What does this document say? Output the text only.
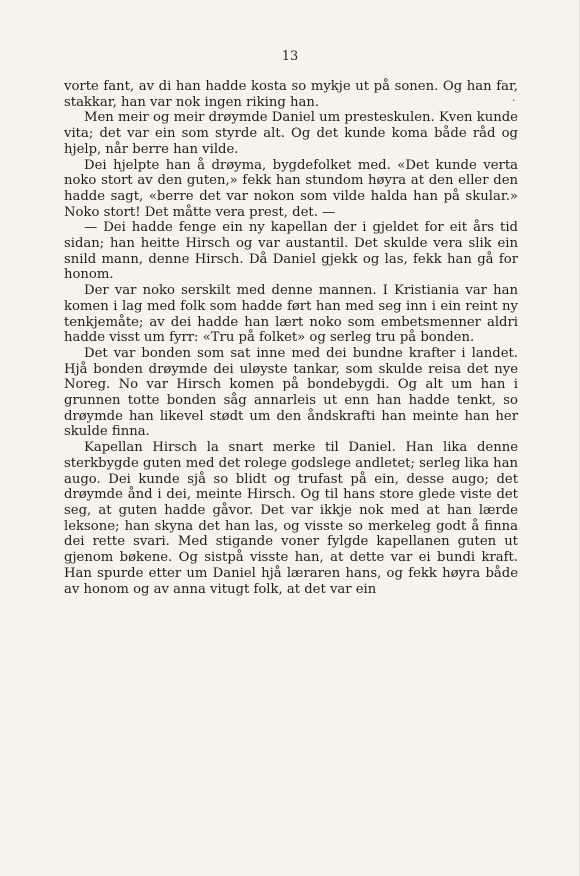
13
.

vorte fant, av di han hadde kosta so mykje ut på sonen. Og han far, stakkar, han var nok ingen riking han.

Men meir og meir drøymde Daniel um presteskulen. Kven kunde vita; det var ein som styrde alt. Og det kunde koma både råd og hjelp, når berre han vilde.

Dei hjelpte han å drøyma, bygdefolket med. «Det kunde verta noko stort av den guten,» fekk han stundom høyra at den eller den hadde sagt, «berre det var nokon som vilde halda han på skular.» Noko stort! Det måtte vera prest, det. —

— Dei hadde fenge ein ny kapellan der i gjeldet for eit års tid sidan; han heitte Hirsch og var austantil. Det skulde vera slik ein snild mann, denne Hirsch. Då Daniel gjekk og las, fekk han gå for honom.

Der var noko serskilt med denne mannen. I Kristiania var han komen i lag med folk som hadde ført han med seg inn i ein reint ny tenkjemåte; av dei hadde han lært noko som embetsmenner aldri hadde visst um fyrr: «Tru på folket» og serleg tru på bonden.

Det var bonden som sat inne med dei bundne krafter i landet. Hjå bonden drøymde dei uløyste tankar, som skulde reisa det nye Noreg. No var Hirsch komen på bondebygdi. Og alt um han i grunnen totte bonden såg annarleis ut enn han hadde tenkt, so drøymde han likevel stødt um den åndskrafti han meinte han her skulde finna.

Kapellan Hirsch la snart merke til Daniel. Han lika denne sterkbygde guten med det rolege godslege andletet; serleg lika han augo. Dei kunde sjå so blidt og trufast på ein, desse augo; det drøymde ånd i dei, meinte Hirsch. Og til hans store glede viste det seg, at guten hadde gåvor. Det var ikkje nok med at han lærde leksone; han skyna det han las, og visste so merkeleg godt å finna dei rette svari. Med stigande voner fylgde kapellanen guten ut gjenom bøkene. Og sistpå visste han, at dette var ei bundi kraft. Han spurde etter um Daniel hjå læraren hans, og fekk høyra både av honom og av anna vitugt folk, at det var ein
